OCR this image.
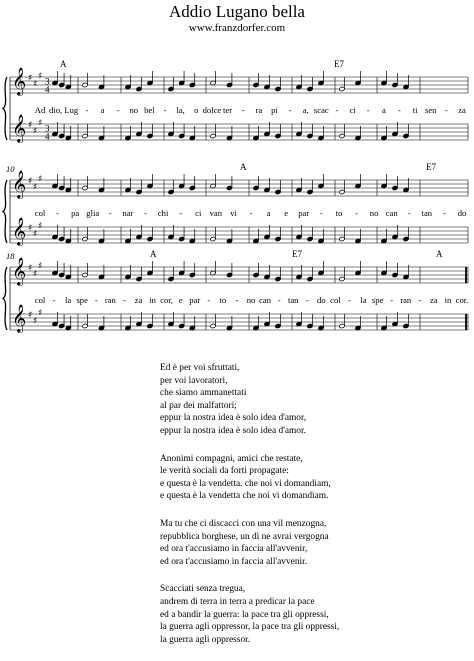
Addio Lugano bella
www.franzdorfer.com
𝄞 ♯
♯
♯
𝄞 ♯
♯
♯
3
4
3
4
A	E7
Ad dio, Lug - a - no bel - la, o dolce ter - ra pi - a, scac - ci - a - ti sen - za
𝄞 ♯
♯
♯
𝄞 ♯
♯
♯
10	A	E7
col - pa glia - nar - chi - ci van vi - a e par - to - no can - tan - do
𝄞 ♯
♯
♯
𝄞 ♯
♯
♯
18	A	E7	A
col - la spe - ran - za in cor, e par - to - no can - tan - do col - la spe - ran - za in cor.
Ed è per voi sfruttati,
per voi lavoratori,
che siamo ammanettati
al par dei malfattori;
eppur la nostra idea è solo idea d'amor,
eppur la nostra idea è solo idea d'amor.
Anonimi compagni, amici che restate,
le verità sociali da forti propagate:
e questa è la vendetta. che noi vi domandiam,
e questa è la vendetta che noi vi domandiam.
Ma tu che ci discacci con una vil menzogna,
repubblica borghese, un dì ne avrai vergogna
ed ora t'accusiamo in faccia all'avvenir,
ed ora t'accusiamo in faccia all'avvenir.
Scacciati senza tregua,
andrem di terra in terra a predicar la pace
ed a bandir la guerra: la pace tra gli oppressi,
la guerra agli oppressor, la pace tra gli oppressi,
la guerra agli oppressor.
